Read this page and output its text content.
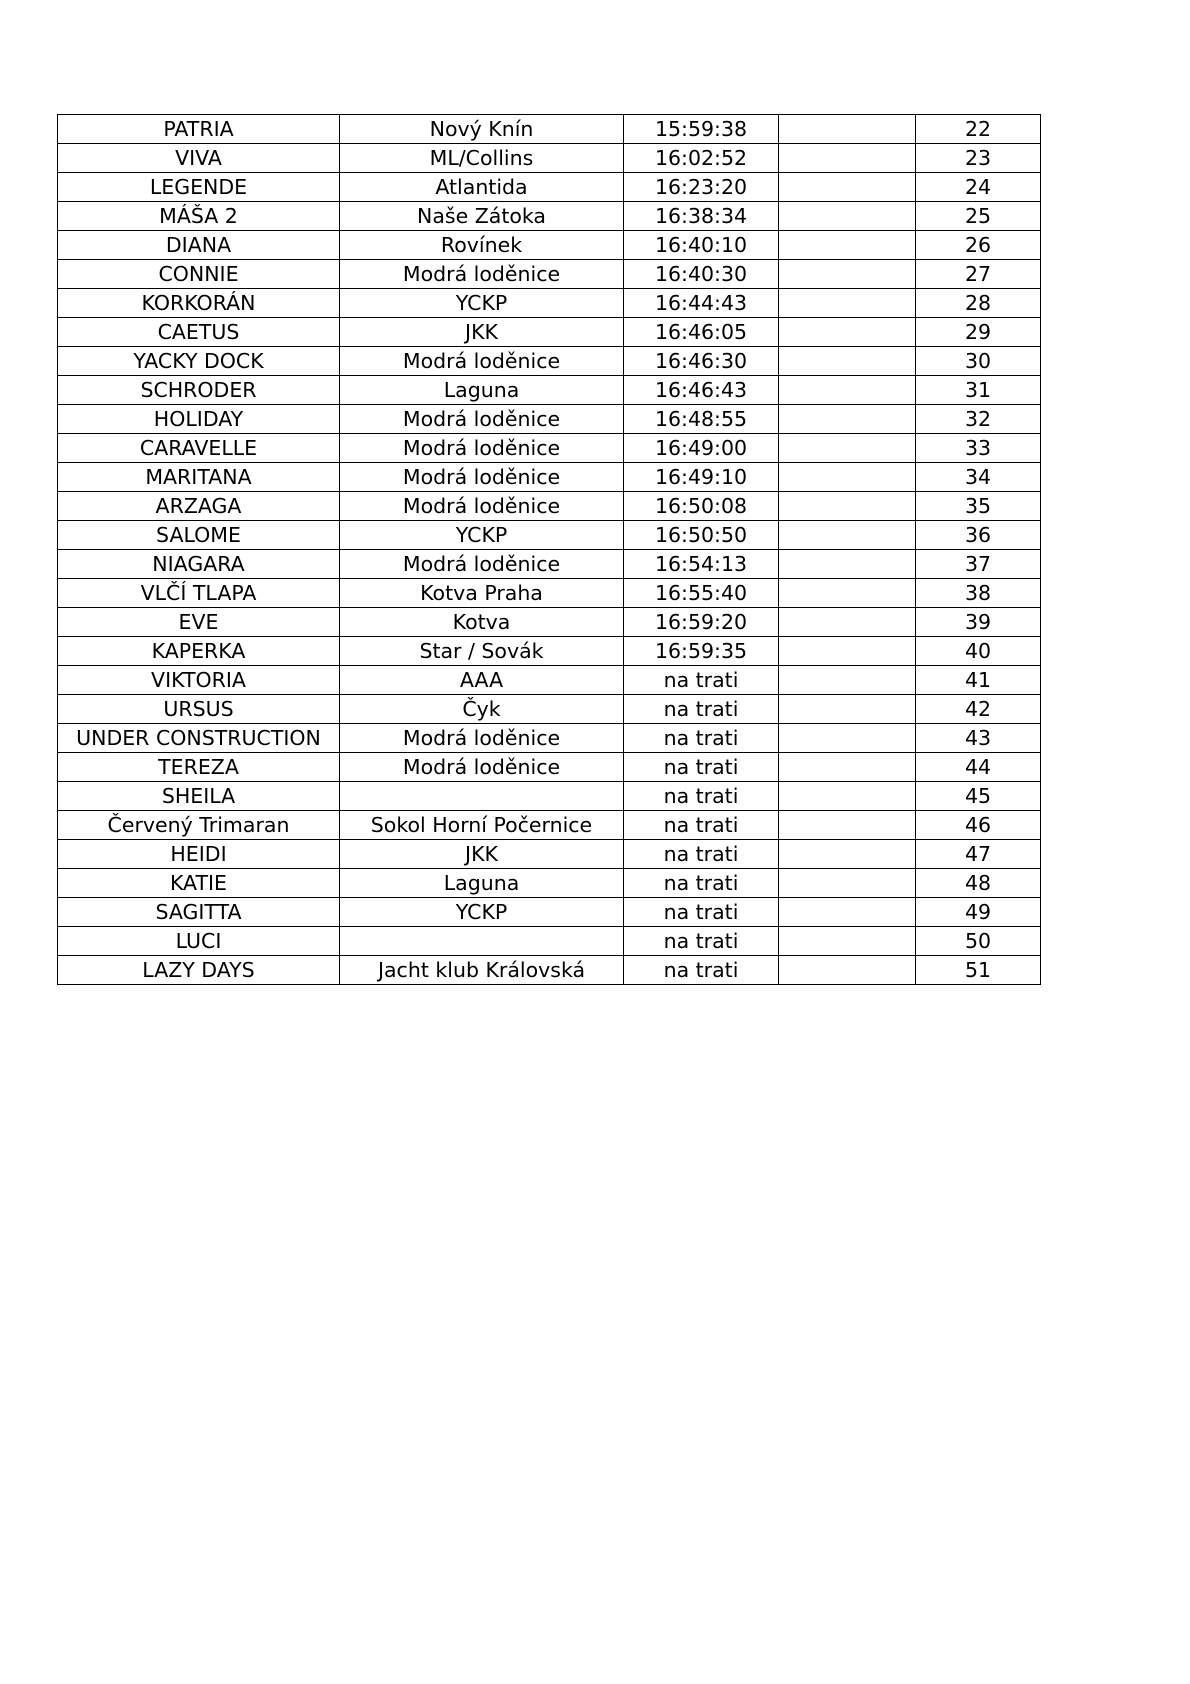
PATRIA	Nový Knín	15:59:38		22
VIVA	ML/Collins	16:02:52		23
LEGENDE	Atlantida	16:23:20		24
MÁŠA 2	Naše Zátoka	16:38:34		25
DIANA	Rovínek	16:40:10		26
CONNIE	Modrá loděnice	16:40:30		27
KORKORÁN	YCKP	16:44:43		28
CAETUS	JKK	16:46:05		29
YACKY DOCK	Modrá loděnice	16:46:30		30
SCHRODER	Laguna	16:46:43		31
HOLIDAY	Modrá loděnice	16:48:55		32
CARAVELLE	Modrá loděnice	16:49:00		33
MARITANA	Modrá loděnice	16:49:10		34
ARZAGA	Modrá loděnice	16:50:08		35
SALOME	YCKP	16:50:50		36
NIAGARA	Modrá loděnice	16:54:13		37
VLČÍ TLAPA	Kotva Praha	16:55:40		38
EVE	Kotva	16:59:20		39
KAPERKA	Star / Sovák	16:59:35		40
VIKTORIA	AAA	na trati		41
URSUS	Čyk	na trati		42
UNDER CONSTRUCTION	Modrá loděnice	na trati		43
TEREZA	Modrá loděnice	na trati		44
SHEILA		na trati		45
Červený Trimaran	Sokol Horní Počernice	na trati		46
HEIDI	JKK	na trati		47
KATIE	Laguna	na trati		48
SAGITTA	YCKP	na trati		49
LUCI		na trati		50
LAZY DAYS	Jacht klub Královská	na trati		51
